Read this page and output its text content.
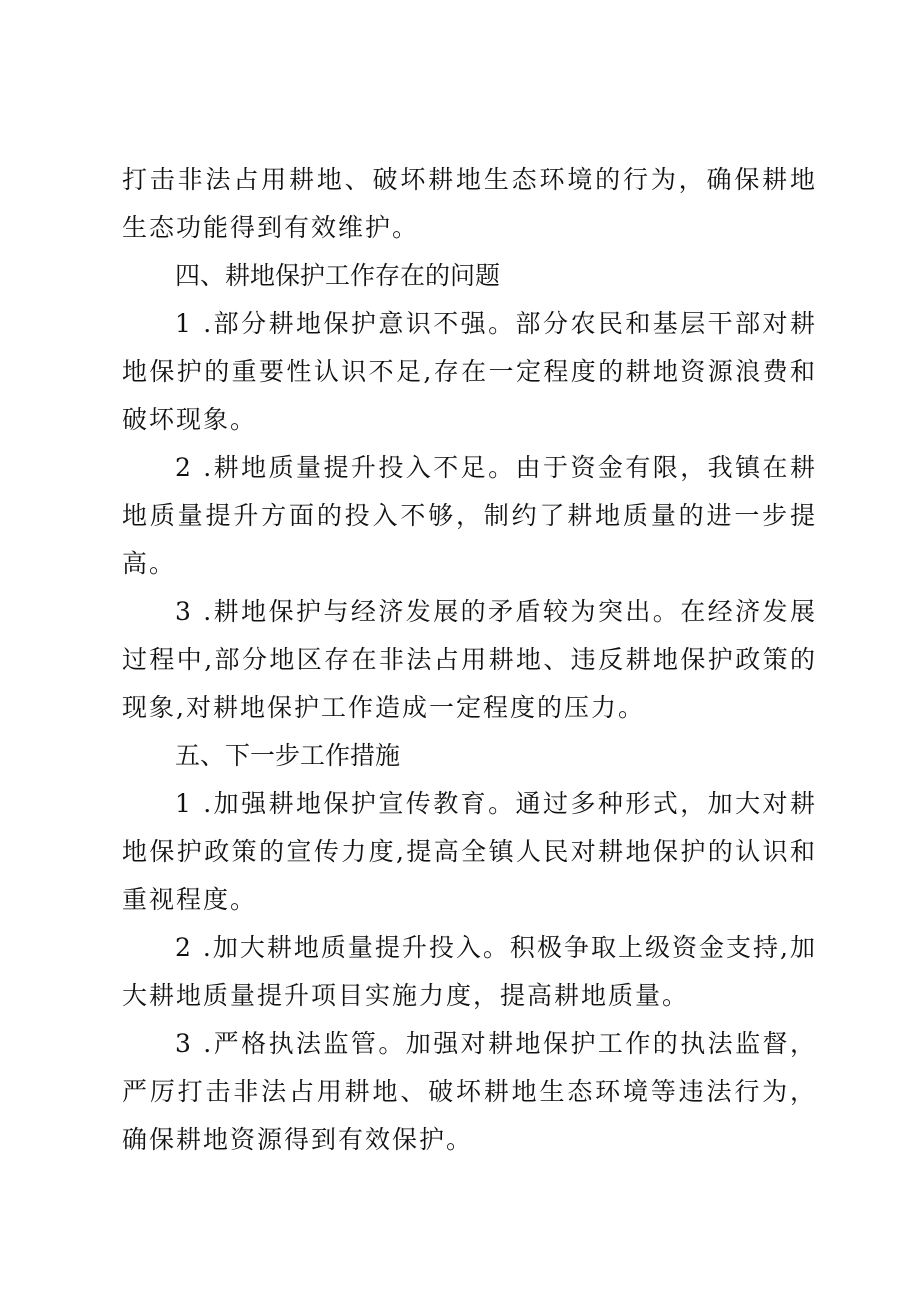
打击非法占用耕地、破坏耕地生态环境的行为，确保耕地生态功能得到有效维护。

四、耕地保护工作存在的问题

1 .部分耕地保护意识不强。部分农民和基层干部对耕地保护的重要性认识不足,存在一定程度的耕地资源浪费和破坏现象。

2 .耕地质量提升投入不足。由于资金有限，我镇在耕地质量提升方面的投入不够，制约了耕地质量的进一步提高。

3 .耕地保护与经济发展的矛盾较为突出。在经济发展过程中,部分地区存在非法占用耕地、违反耕地保护政策的现象,对耕地保护工作造成一定程度的压力。

五、下一步工作措施

1 .加强耕地保护宣传教育。通过多种形式，加大对耕地保护政策的宣传力度,提高全镇人民对耕地保护的认识和重视程度。

2 .加大耕地质量提升投入。积极争取上级资金支持,加大耕地质量提升项目实施力度，提高耕地质量。

3 .严格执法监管。加强对耕地保护工作的执法监督，严厉打击非法占用耕地、破坏耕地生态环境等违法行为，确保耕地资源得到有效保护。
